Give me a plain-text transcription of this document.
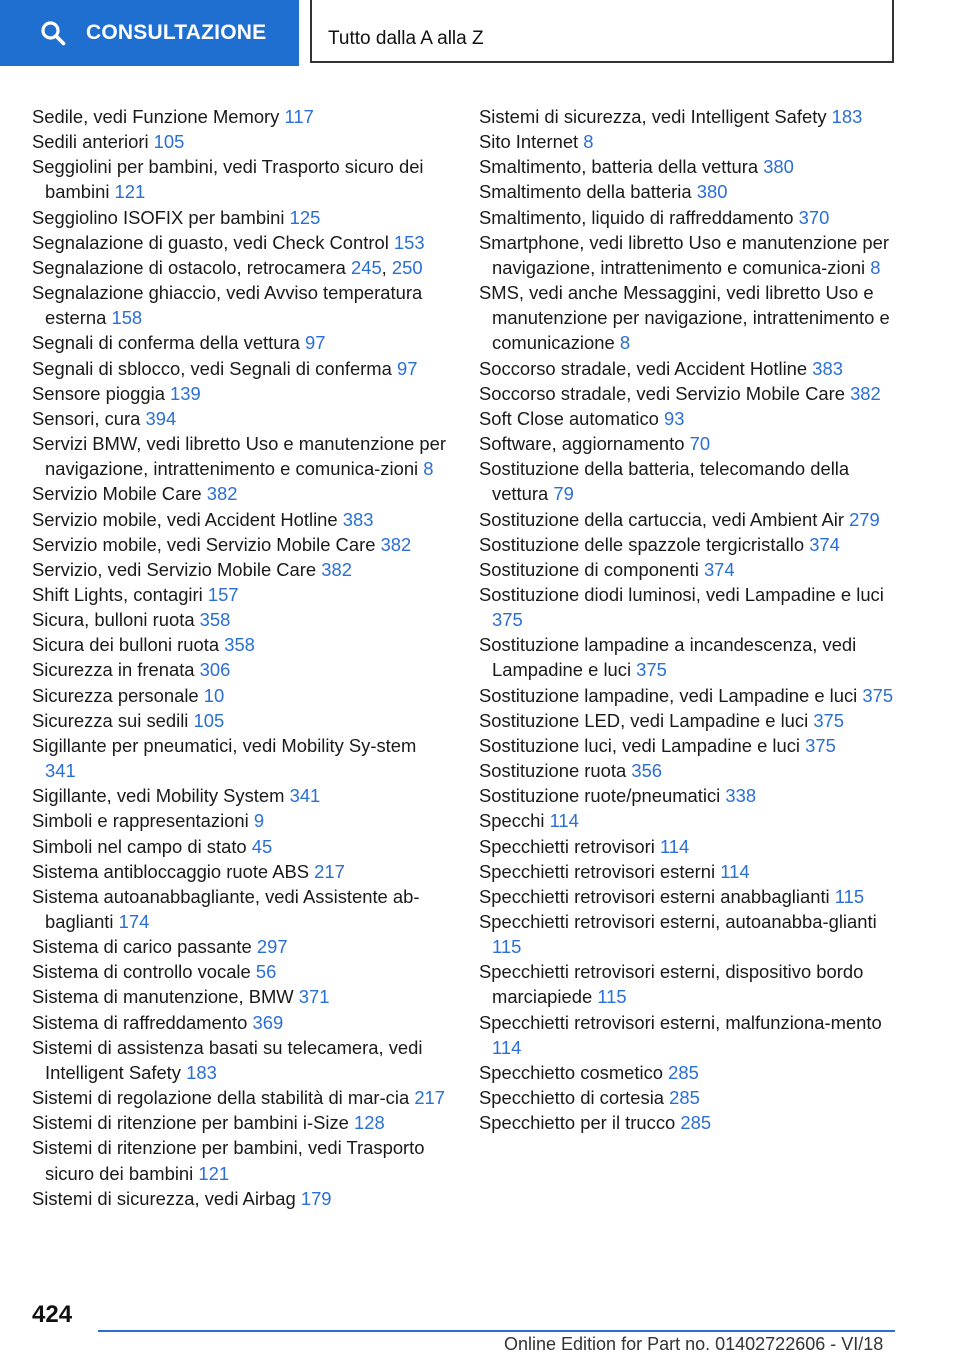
CONSULTAZIONE	Tutto dalla A alla Z
Sedile, vedi Funzione Memory 117
Sedili anteriori 105
Seggiolini per bambini, vedi Trasporto sicuro dei bambini 121
Seggiolino ISOFIX per bambini 125
Segnalazione di guasto, vedi Check Control 153
Segnalazione di ostacolo, retrocamera 245, 250
Segnalazione ghiaccio, vedi Avviso temperatura esterna 158
Segnali di conferma della vettura 97
Segnali di sblocco, vedi Segnali di conferma 97
Sensore pioggia 139
Sensori, cura 394
Servizi BMW, vedi libretto Uso e manutenzione per navigazione, intrattenimento e comunica‐zioni 8
Servizio Mobile Care 382
Servizio mobile, vedi Accident Hotline 383
Servizio mobile, vedi Servizio Mobile Care 382
Servizio, vedi Servizio Mobile Care 382
Shift Lights, contagiri 157
Sicura, bulloni ruota 358
Sicura dei bulloni ruota 358
Sicurezza in frenata 306
Sicurezza personale 10
Sicurezza sui sedili 105
Sigillante per pneumatici, vedi Mobility Sy‐stem 341
Sigillante, vedi Mobility System 341
Simboli e rappresentazioni 9
Simboli nel campo di stato 45
Sistema antibloccaggio ruote ABS 217
Sistema autoanabbagliante, vedi Assistente ab‐baglianti 174
Sistema di carico passante 297
Sistema di controllo vocale 56
Sistema di manutenzione, BMW 371
Sistema di raffreddamento 369
Sistemi di assistenza basati su telecamera, vedi Intelligent Safety 183
Sistemi di regolazione della stabilità di mar‐cia 217
Sistemi di ritenzione per bambini i-Size 128
Sistemi di ritenzione per bambini, vedi Trasporto sicuro dei bambini 121
Sistemi di sicurezza, vedi Airbag 179
Sistemi di sicurezza, vedi Intelligent Safety 183
Sito Internet 8
Smaltimento, batteria della vettura 380
Smaltimento della batteria 380
Smaltimento, liquido di raffreddamento 370
Smartphone, vedi libretto Uso e manutenzione per navigazione, intrattenimento e comunica‐zioni 8
SMS, vedi anche Messaggini, vedi libretto Uso e manutenzione per navigazione, intrattenimento e comunicazione 8
Soccorso stradale, vedi Accident Hotline 383
Soccorso stradale, vedi Servizio Mobile Care 382
Soft Close automatico 93
Software, aggiornamento 70
Sostituzione della batteria, telecomando della vettura 79
Sostituzione della cartuccia, vedi Ambient Air 279
Sostituzione delle spazzole tergicristallo 374
Sostituzione di componenti 374
Sostituzione diodi luminosi, vedi Lampadine e luci 375
Sostituzione lampadine a incandescenza, vedi Lampadine e luci 375
Sostituzione lampadine, vedi Lampadine e luci 375
Sostituzione LED, vedi Lampadine e luci 375
Sostituzione luci, vedi Lampadine e luci 375
Sostituzione ruota 356
Sostituzione ruote/pneumatici 338
Specchi 114
Specchietti retrovisori 114
Specchietti retrovisori esterni 114
Specchietti retrovisori esterni anabbaglianti 115
Specchietti retrovisori esterni, autoanabba‐glianti 115
Specchietti retrovisori esterni, dispositivo bordo marciapiede 115
Specchietti retrovisori esterni, malfunziona‐mento 114
Specchietto cosmetico 285
Specchietto di cortesia 285
Specchietto per il trucco 285
424
Online Edition for Part no. 01402722606 - VI/18
